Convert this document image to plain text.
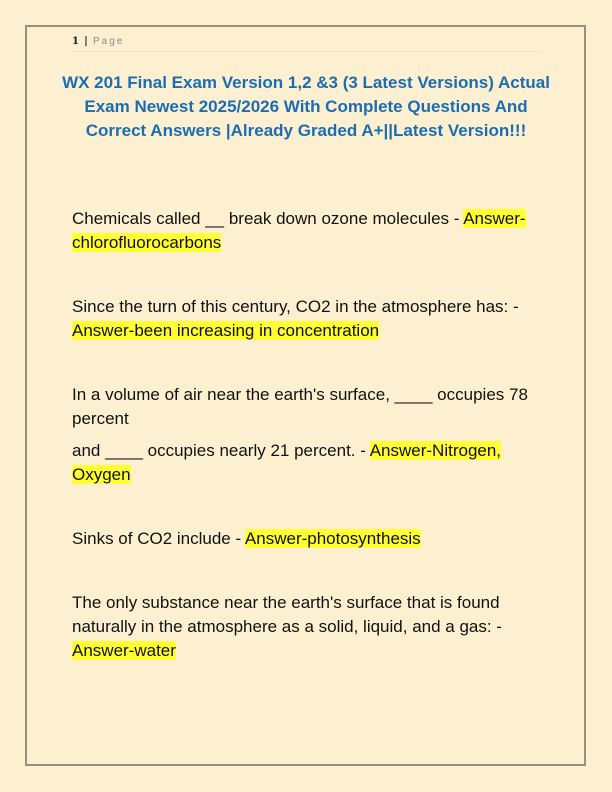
1 | Page
WX 201 Final Exam Version 1,2 &3 (3 Latest Versions) Actual Exam Newest 2025/2026 With Complete Questions And Correct Answers |Already Graded A+||Latest Version!!!
Chemicals called __ break down ozone molecules - Answer-chlorofluorocarbons
Since the turn of this century, CO2 in the atmosphere has: - Answer-been increasing in concentration
In a volume of air near the earth's surface, ____ occupies 78 percent
and ____ occupies nearly 21 percent. - Answer-Nitrogen, Oxygen
Sinks of CO2 include - Answer-photosynthesis
The only substance near the earth's surface that is found naturally in the atmosphere as a solid, liquid, and a gas: - Answer-water
